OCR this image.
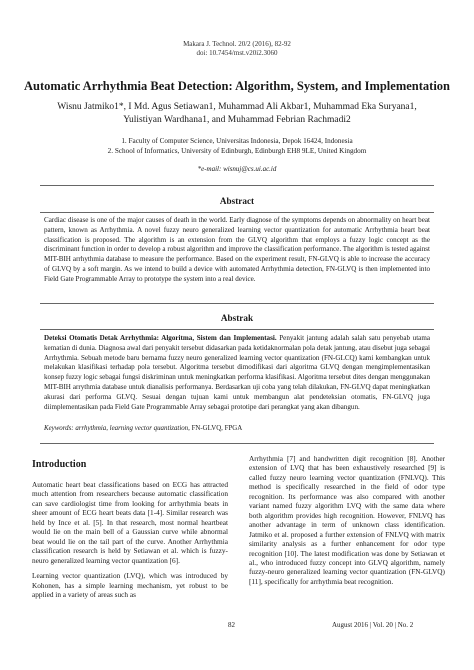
Makara J. Technol. 20/2 (2016), 82-92
doi: 10.7454/mst.v20i2.3060
Automatic Arrhythmia Beat Detection: Algorithm, System, and Implementation
Wisnu Jatmiko1*, I Md. Agus Setiawan1, Muhammad Ali Akbar1, Muhammad Eka Suryana1,
Yulistiyan Wardhana1, and Muhammad Febrian Rachmadi2
1. Faculty of Computer Science, Universitas Indonesia, Depok 16424, Indonesia
2. School of Informatics, University of Edinburgh, Edinburgh EH8 9LE, United Kingdom
*e-mail: wisnuj@cs.ui.ac.id
Abstract
Cardiac disease is one of the major causes of death in the world. Early diagnose of the symptoms depends on abnormality on heart beat pattern, known as Arrhythmia. A novel fuzzy neuro generalized learning vector quantization for automatic Arrhythmia heart beat classification is proposed. The algorithm is an extension from the GLVQ algorithm that employs a fuzzy logic concept as the discriminant function in order to develop a robust algorithm and improve the classification performance. The algorithm is tested against MIT-BIH arrhythmia database to measure the performance. Based on the experiment result, FN-GLVQ is able to increase the accuracy of GLVQ by a soft margin. As we intend to build a device with automated Arrhythmia detection, FN-GLVQ is then implemented into Field Gate Programmable Array to prototype the system into a real device.
Abstrak
Deteksi Otomatis Detak Arrhythmia: Algoritma, Sistem dan Implementasi. Penyakit jantung adalah salah satu penyebab utama kematian di dunia. Diagnosa awal dari penyakit tersebut didasarkan pada ketidaknormalan pola detak jantung, atau disebut juga sebagai Arrhythmia. Sebuah metode baru bernama fuzzy neuro generalized learning vector quantization (FN-GLCQ) kami kembangkan untuk melakukan klasifikasi terhadap pola tersebut. Algoritma tersebut dimodifikasi dari algoritma GLVQ dengan mengimplementasikan konsep fuzzy logic sebagai fungsi diskriminan untuk meningkatkan performa klasifikasi. Algoritma tersebut dites dengan menggunakan MIT-BIH arrythmia database untuk dianalisis performanya. Berdasarkan uji coba yang telah dilakukan, FN-GLVQ dapat meningkatkan akurasi dari performa GLVQ. Sesuai dengan tujuan kami untuk membangun alat pendeteksian otomatis, FN-GLVQ juga diimplementasikan pada Field Gate Programmable Array sebagai prototipe dari perangkat yang akan dibangun.
Keywords: arrhythmia, learning vector quantization, FN-GLVQ, FPGA
Introduction

Automatic heart beat classifications based on ECG has attracted much attention from researchers because automatic classification can save cardiologist time from looking for arrhythmia beats in sheer amount of ECG heart beats data [1-4]. Similar research was held by Ince et al. [5]. In that research, most normal heartbeat would lie on the main bell of a Gaussian curve while abnormal beat would lie on the tail part of the curve. Another Arrhythmia classification research is held by Setiawan et al. which is fuzzy-neuro generalized learning vector quantization [6].

Learning vector quantization (LVQ), which was introduced by Kohonen, has a simple learning mechanism, yet robust to be applied in a variety of areas such as

Arrhythmia [7] and handwritten digit recognition [8]. Another extension of LVQ that has been exhaustively researched [9] is called fuzzy neuro learning vector quantization (FNLVQ). This method is specifically researched in the field of odor type recognition. Its performance was also compared with another variant named fuzzy algorithm LVQ with the same data where both algorithm provides high recognition. However, FNLVQ has another advantage in term of unknown class identification. Jatmiko et al. proposed a further extension of FNLVQ with matrix similarity analysis as a further enhancement for odor type recognition [10]. The latest modification was done by Setiawan et al., who introduced fuzzy concept into GLVQ algorithm, namely fuzzy-neuro generalized learning vector quantization (FN-GLVQ) [11], specifically for arrhythmia beat recognition.

82	August 2016 | Vol. 20 | No. 2
